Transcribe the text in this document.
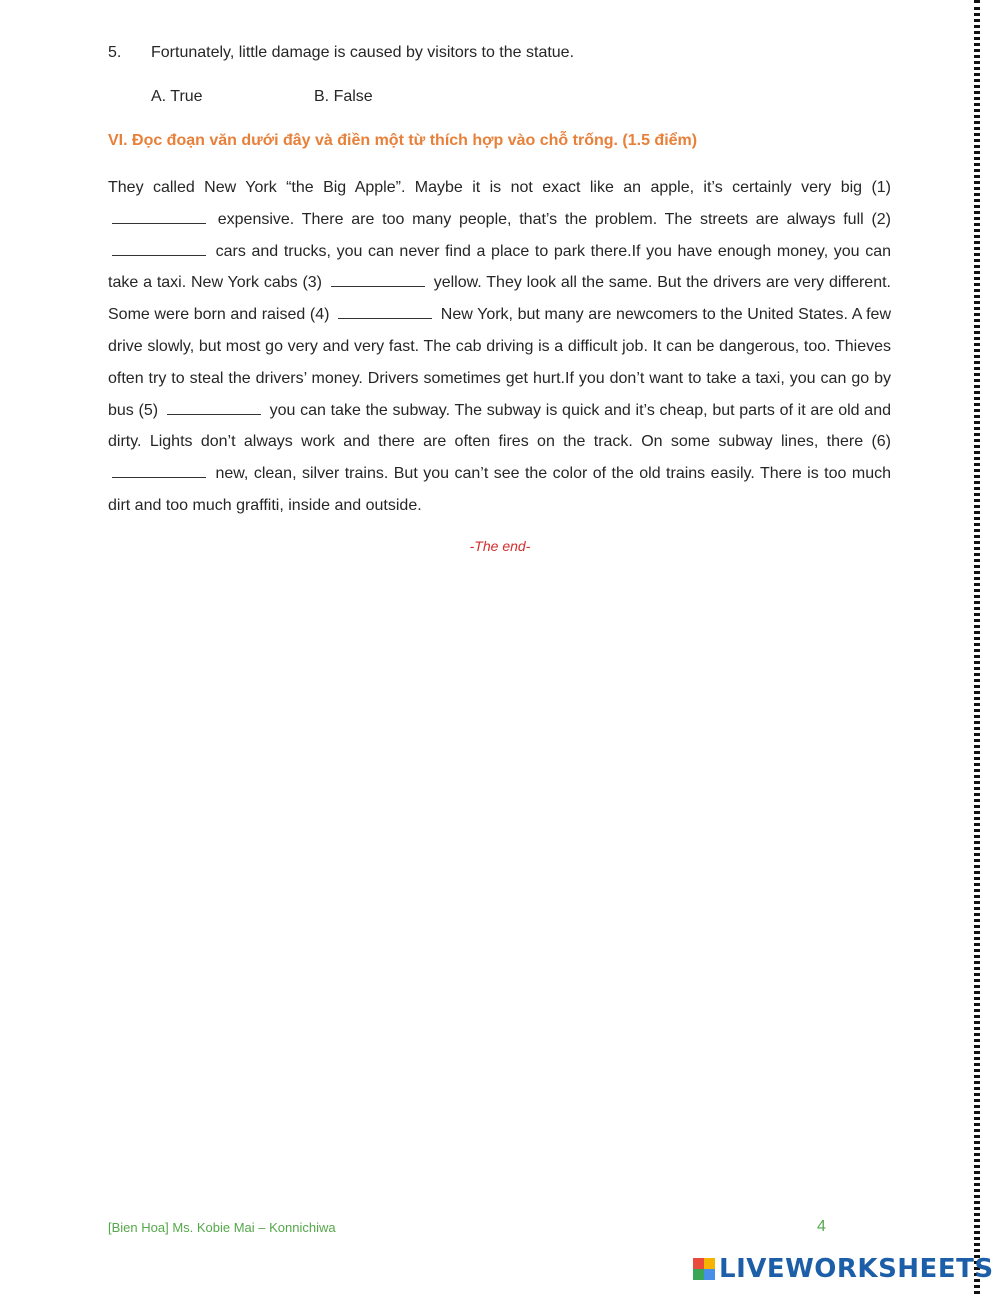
5. Fortunately, little damage is caused by visitors to the statue.
A. True	B. False
VI. Đọc đoạn văn dưới đây và điền một từ thích hợp vào chỗ trống. (1.5 điểm)
They called New York “the Big Apple”. Maybe it is not exact like an apple, it’s certainly very big (1)  expensive. There are too many people, that’s the problem. The streets are always full (2)  cars and trucks, you can never find a place to park there.If you have enough money, you can take a taxi. New York cabs (3)	yellow. They look all the same. But the drivers are very different. Some were born and raised (4)	New York, but many are newcomers to the United States. A few drive slowly, but most go very and very fast. The cab driving is a difficult job. It can be dangerous, too. Thieves often try to steal the drivers’ money. Drivers sometimes get hurt.If you don’t want to take a taxi, you can go by bus (5)	you can take the subway. The subway is quick and it’s cheap, but parts of it are old and dirty. Lights don’t always work and there are often fires on the track. On some subway lines, there (6)  new, clean, silver trains. But you can’t see the color of the old trains easily. There is too much dirt and too much graffiti, inside and outside.
-The end-
[Bien Hoa] Ms. Kobie Mai – Konnichiwa	4
LIVEWORKSHEETS
